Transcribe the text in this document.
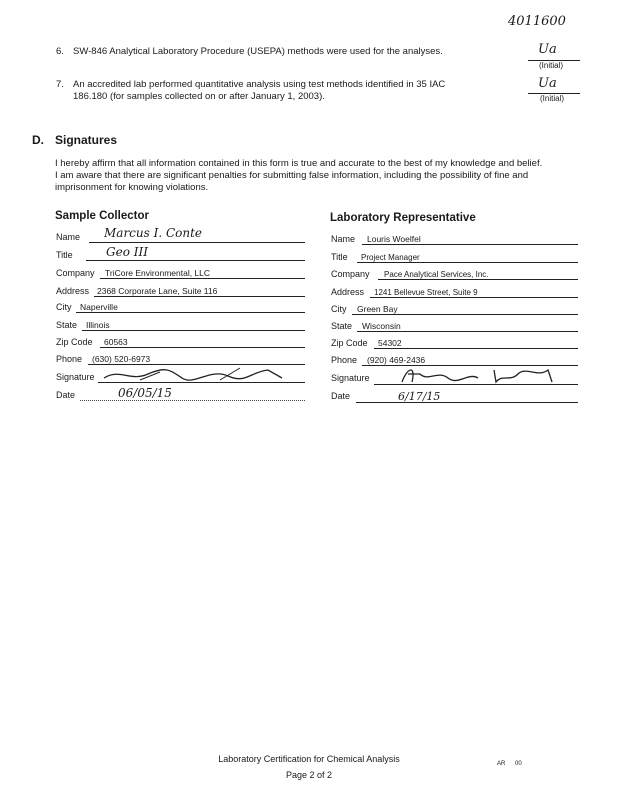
4011600
6. SW-846 Analytical Laboratory Procedure (USEPA) methods were used for the analyses.	Ua
(Initial)
7. An accredited lab performed quantitative analysis using test methods identified in 35 IAC
186.180 (for samples collected on or after January 1, 2003).
Ua
(Initial)
D. Signatures
I hereby affirm that all information contained in this form is true and accurate to the best of my knowledge and belief.
I am aware that there are significant penalties for submitting false information, including the possibility of fine and
imprisonment for knowing violations.
Sample Collector
Name Marcus I. Conte
Title	Geo III
Company TriCore Environmental, LLC
Address 2368 Corporate Lane, Suite 116
City Naperville
State Illinois
Zip Code 60563
Phone (630) 520-6973
Signature
Date	06/05/15
Laboratory Representative
Name Louris Woelfel
Title Project Manager
Company Pace Analytical Services, Inc.
Address 1241 Bellevue Street, Suite 9
City Green Bay
State Wisconsin
Zip Code 54302
Phone (920) 469-2436
Signature
Date	6/17/15
Laboratory Certification for Chemical Analysis
Page 2 of 2
AR 00
